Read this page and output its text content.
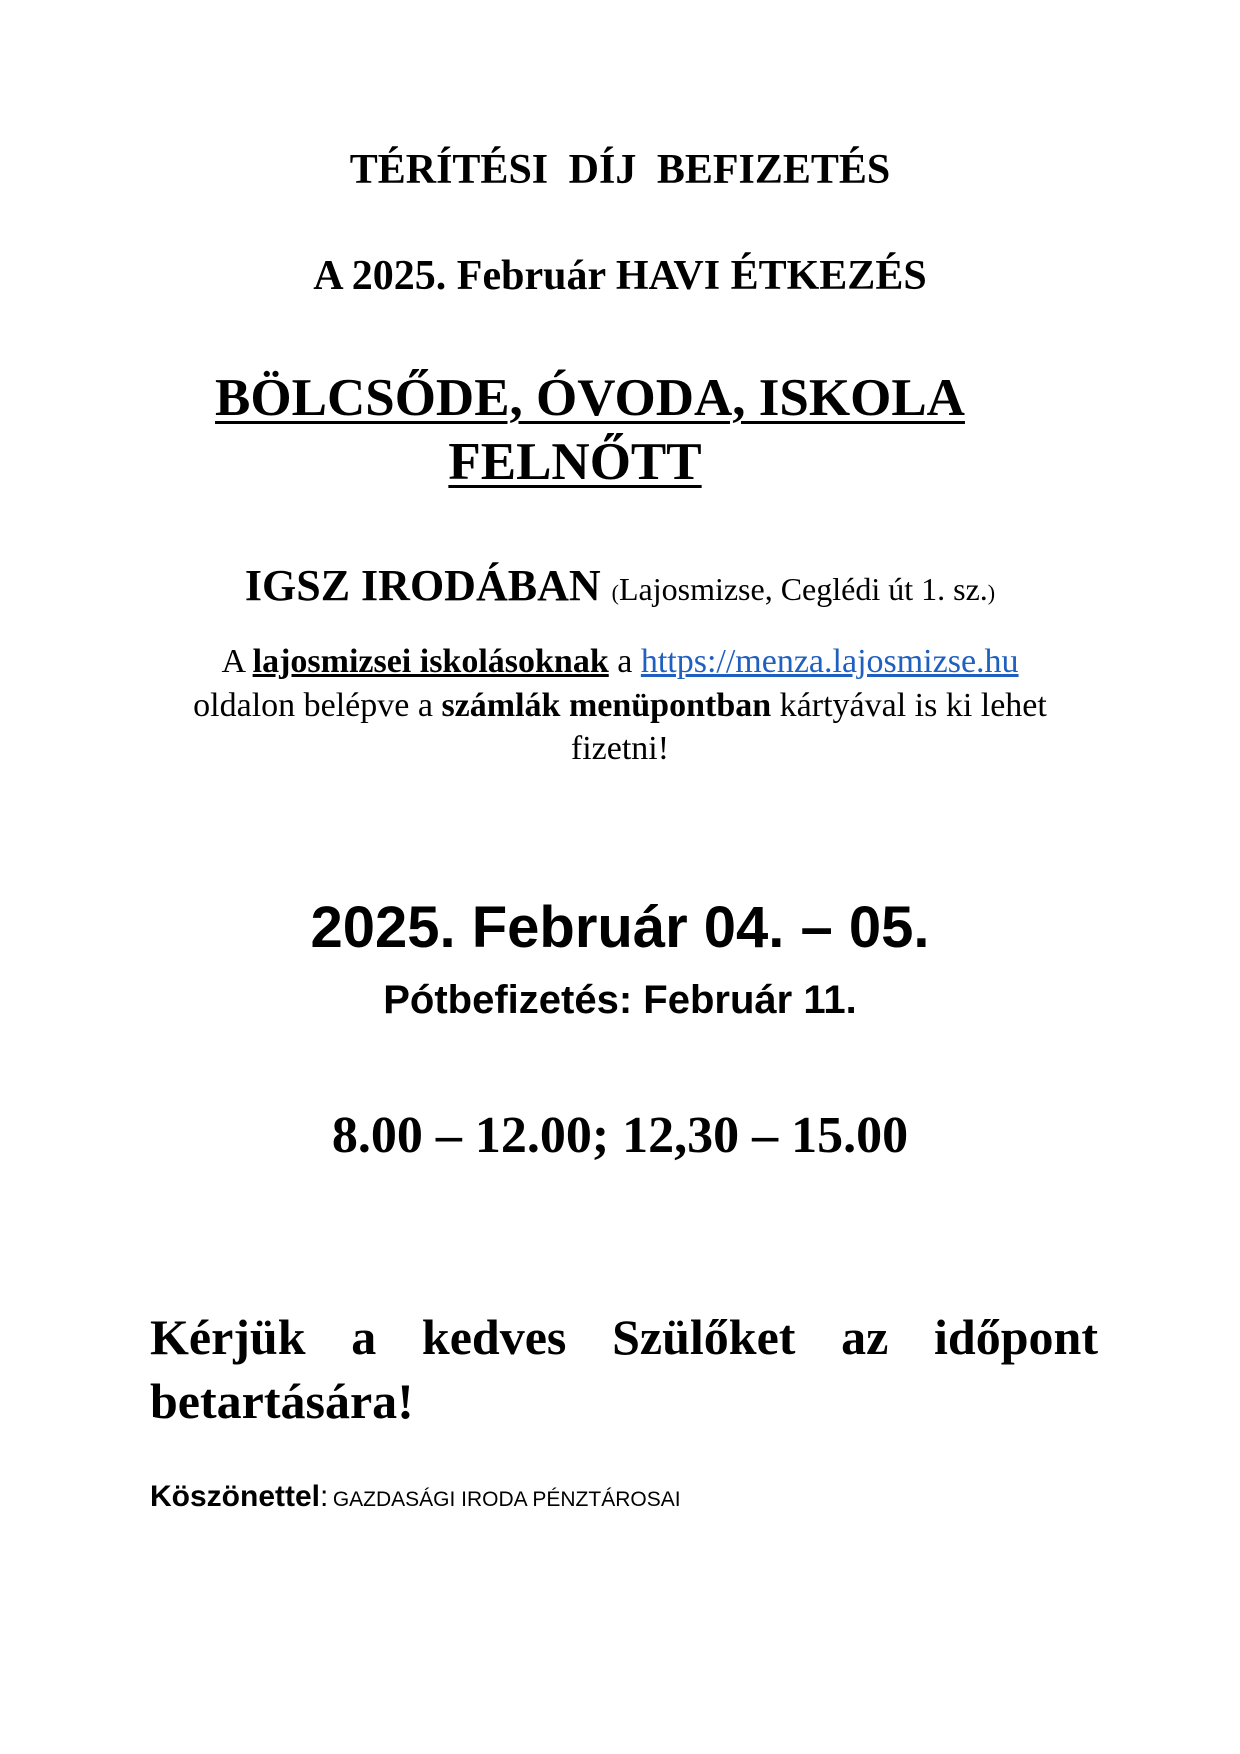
TÉRÍTÉSI DÍJ BEFIZETÉS
A 2025. Február HAVI ÉTKEZÉS
BÖLCSŐDE, ÓVODA, ISKOLA
FELNŐTT
IGSZ IRODÁBAN (Lajosmizse, Ceglédi út 1. sz.)
A lajosmizsei iskolásoknak a https://menza.lajosmizse.hu
oldalon belépve a számlák menüpontban kártyával is ki lehet
fizetni!
2025. Február 04. – 05.
Pótbefizetés: Február 11.
8.00 – 12.00; 12,30 – 15.00
Kérjük a kedves Szülőket az időpont betartására!
Köszönettel: GAZDASÁGI IRODA PÉNZTÁROSAI
